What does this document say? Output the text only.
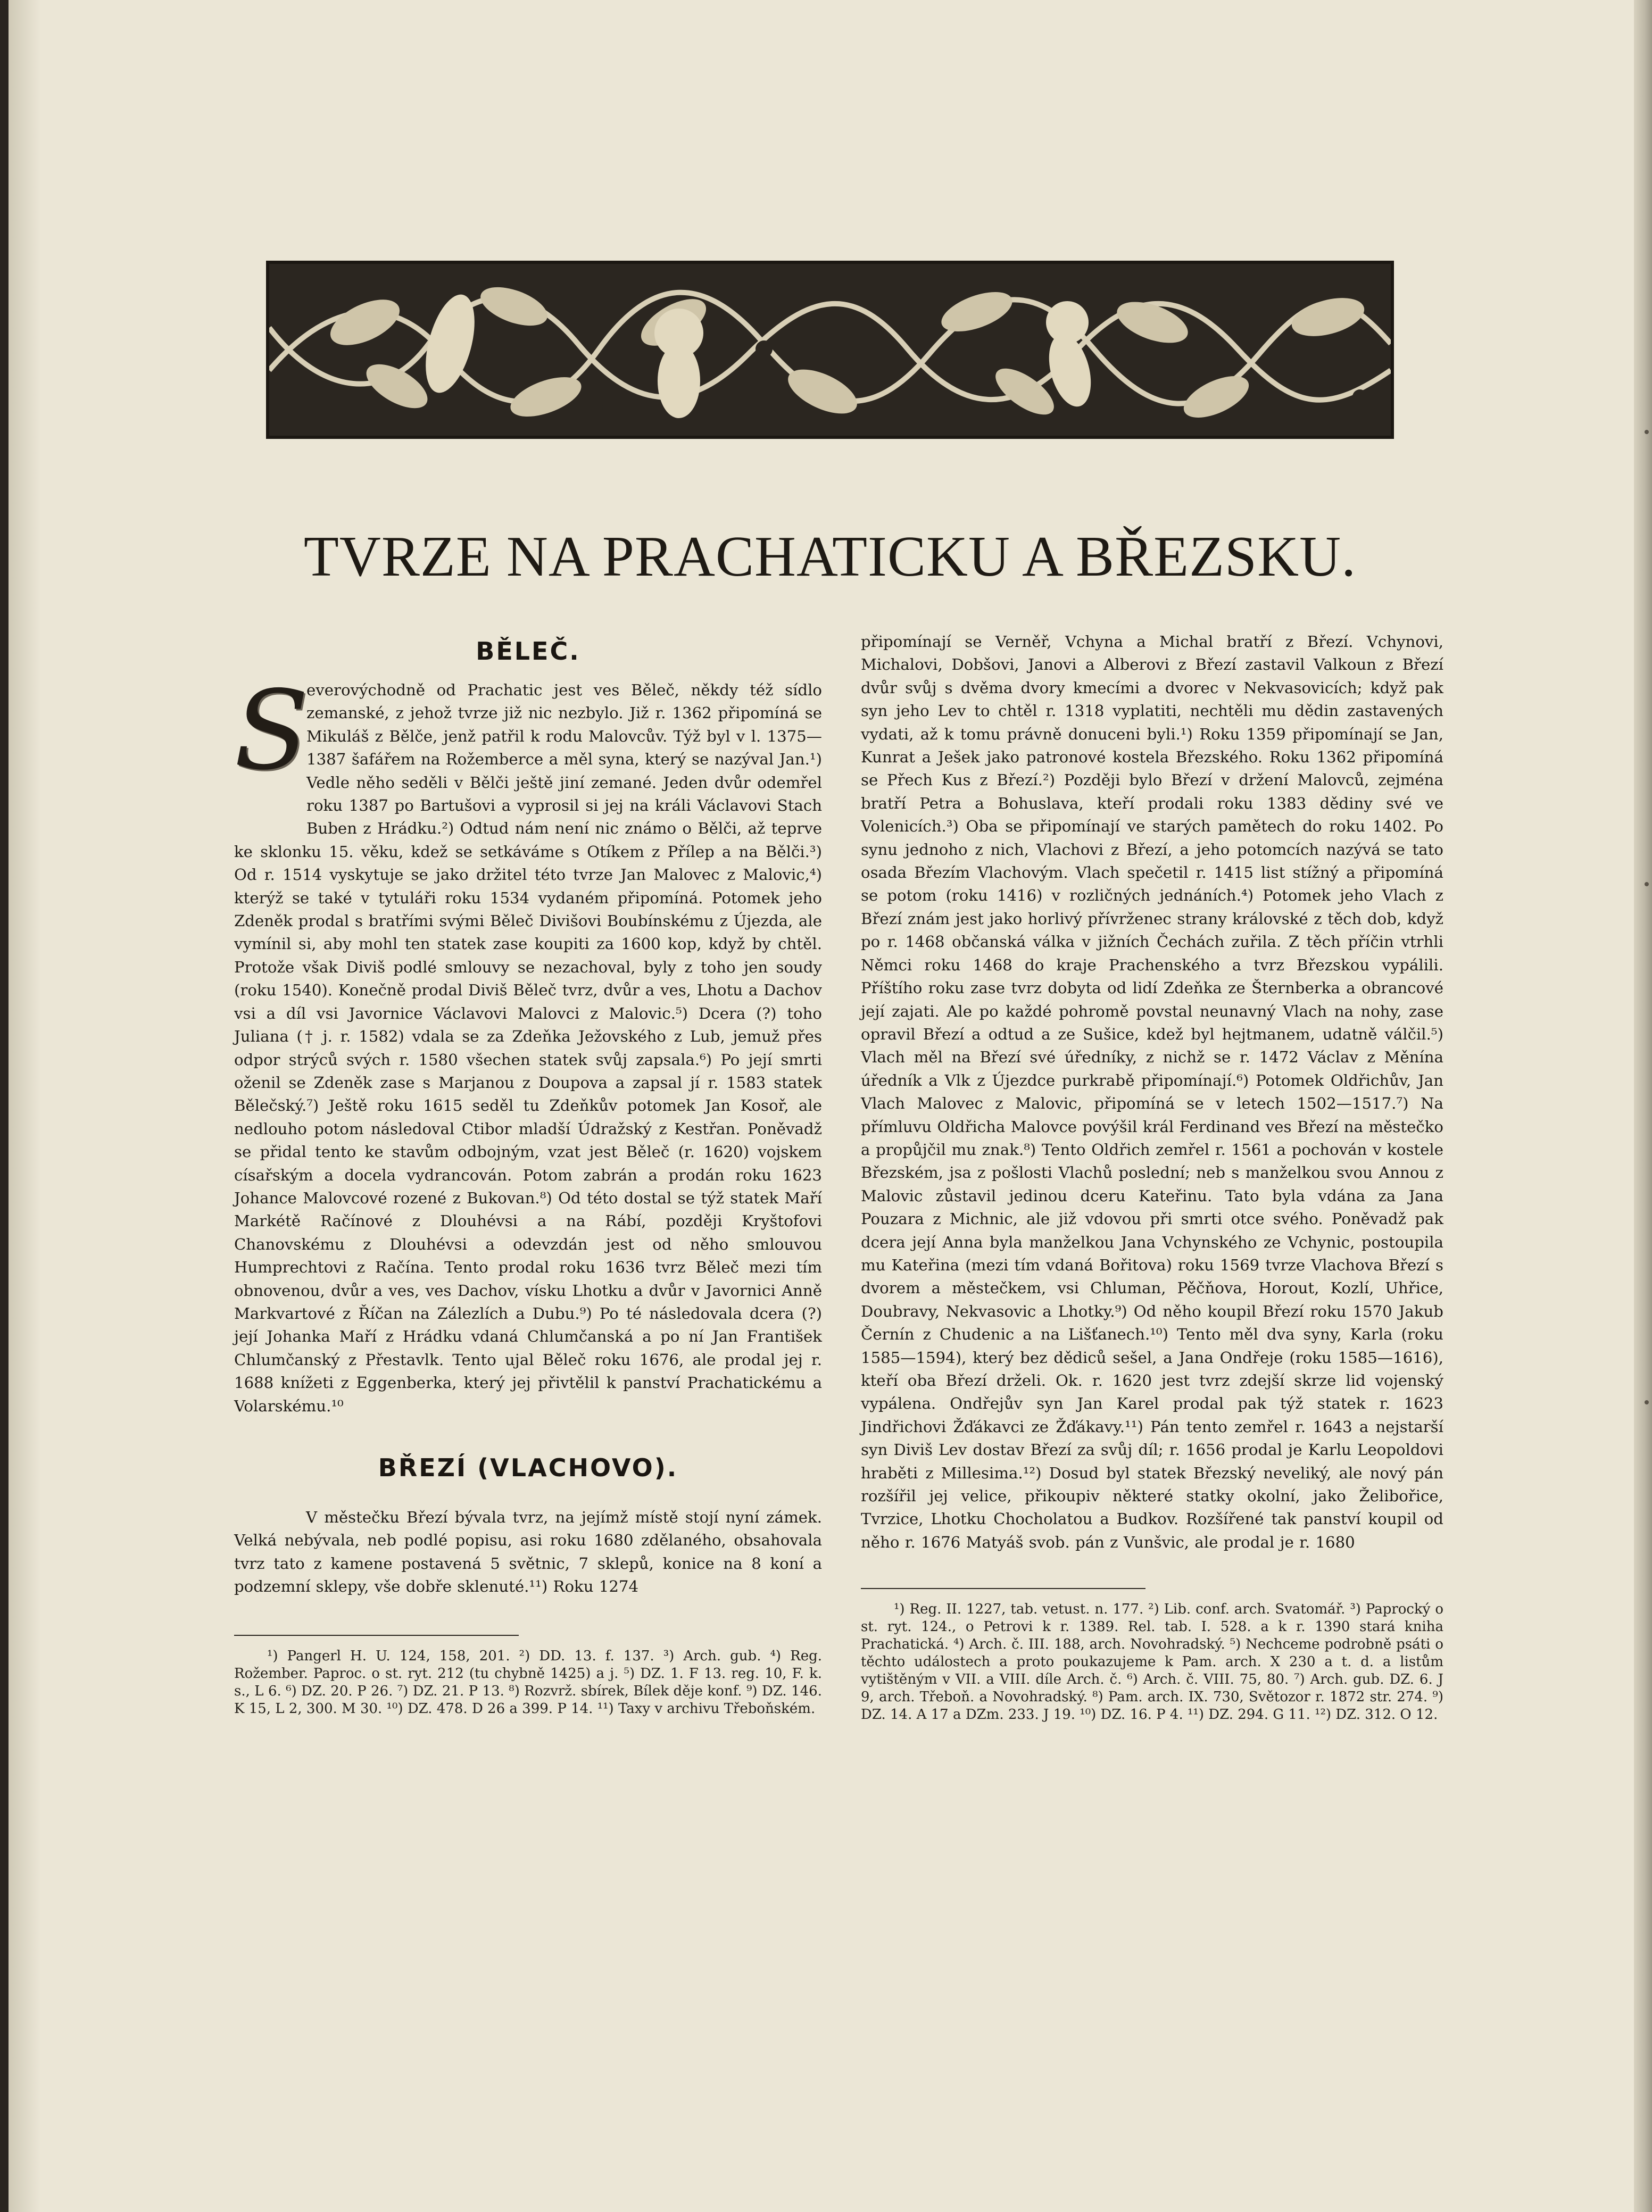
TVRZE NA PRACHATICKU A BŘEZSKU.
BĚLEČ.
S
everovýchodně od Prachatic jest ves Běleč, někdy též sídlo zemanské, z jehož tvrze již nic nezbylo. Již r. 1362 připomíná se Mikuláš z Bělče, jenž patřil k rodu Malovcův. Týž byl v l. 1375—1387 šafářem na Rožemberce a měl syna, který se nazýval Jan.¹) Vedle něho seděli v Bělči ještě jiní zemané. Jeden dvůr odemřel roku 1387 po Bartušovi a vyprosil si jej na králi Václavovi Stach Buben z Hrádku.²) Odtud nám není nic známo o Bělči, až teprve ke sklonku 15. věku, kdež se setkáváme s Otíkem z Přílep a na Bělči.³) Od r. 1514 vyskytuje se jako držitel této tvrze Jan Malovec z Malovic,⁴) kterýž se také v tytuláři roku 1534 vydaném připomíná. Potomek jeho Zdeněk prodal s bratřími svými Běleč Divišovi Boubínskému z Újezda, ale vymínil si, aby mohl ten statek zase koupiti za 1600 kop, když by chtěl. Protože však Diviš podlé smlouvy se nezachoval, byly z toho jen soudy (roku 1540). Konečně prodal Diviš Běleč tvrz, dvůr a ves, Lhotu a Dachov vsi a díl vsi Javornice Václavovi Malovci z Malovic.⁵) Dcera (?) toho Juliana († j. r. 1582) vdala se za Zdeňka Ježovského z Lub, jemuž přes odpor strýců svých r. 1580 všechen statek svůj zapsala.⁶) Po její smrti oženil se Zdeněk zase s Marjanou z Doupova a zapsal jí r. 1583 statek Bělečský.⁷) Ještě roku 1615 seděl tu Zdeňkův potomek Jan Kosoř, ale nedlouho potom následoval Ctibor mladší Údražský z Kestřan. Poněvadž se přidal tento ke stavům odbojným, vzat jest Běleč (r. 1620) vojskem císařským a docela vydrancován. Potom zabrán a prodán roku 1623 Johance Malovcové rozené z Bukovan.⁸) Od této dostal se týž statek Maří Markétě Račínové z Dlouhévsi a na Rábí, později Kryštofovi Chanovskému z Dlouhévsi a odevzdán jest od něho smlouvou Humprechtovi z Račína. Tento prodal roku 1636 tvrz Běleč mezi tím obnovenou, dvůr a ves, ves Dachov, vísku Lhotku a dvůr v Javornici Anně Markvartové z Říčan na Zálezlích a Dubu.⁹) Po té následovala dcera (?) její Johanka Maří z Hrádku vdaná Chlumčanská a po ní Jan František Chlumčanský z Přestavlk. Tento ujal Běleč roku 1676, ale prodal jej r. 1688 knížeti z Eggenberka, který jej přivtělil k panství Prachatickému a Volarskému.¹⁰
BŘEZÍ (VLACHOVO).

V městečku Březí bývala tvrz, na jejímž místě stojí nyní zámek. Velká nebývala, neb podlé popisu, asi roku 1680 zdělaného, obsahovala tvrz tato z kamene postavená 5 světnic, 7 sklepů, konice na 8 koní a podzemní sklepy, vše dobře sklenuté.¹¹) Roku 1274

¹) Pangerl H. U. 124, 158, 201. ²) DD. 13. f. 137. ³) Arch. gub. ⁴) Reg. Rožember. Paproc. o st. ryt. 212 (tu chybně 1425) a j. ⁵) DZ. 1. F 13. reg. 10, F. k. s., L 6. ⁶) DZ. 20. P 26. ⁷) DZ. 21. P 13. ⁸) Rozvrž. sbírek, Bílek děje konf. ⁹) DZ. 146. K 15, L 2, 300. M 30. ¹⁰) DZ. 478. D 26 a 399. P 14. ¹¹) Taxy v archivu Třeboňském.

připomínají se Verněř, Vchyna a Michal bratří z Březí. Vchynovi, Michalovi, Dobšovi, Janovi a Alberovi z Březí zastavil Valkoun z Březí dvůr svůj s dvěma dvory kmecími a dvorec v Nekvasovicích; když pak syn jeho Lev to chtěl r. 1318 vyplatiti, nechtěli mu dědin zastavených vydati, až k tomu právně donuceni byli.¹) Roku 1359 připomínají se Jan, Kunrat a Ješek jako patronové kostela Březského. Roku 1362 připomíná se Přech Kus z Březí.²) Později bylo Březí v držení Malovců, zejména bratří Petra a Bohuslava, kteří prodali roku 1383 dědiny své ve Volenicích.³) Oba se připomínají ve starých pamětech do roku 1402. Po synu jednoho z nich, Vlachovi z Březí, a jeho potomcích nazývá se tato osada Březím Vlachovým. Vlach spečetil r. 1415 list stížný a připomíná se potom (roku 1416) v rozličných jednáních.⁴) Potomek jeho Vlach z Březí znám jest jako horlivý přívrženec strany královské z těch dob, když po r. 1468 občanská válka v jižních Čechách zuřila. Z těch příčin vtrhli Němci roku 1468 do kraje Prachenského a tvrz Březskou vypálili. Příštího roku zase tvrz dobyta od lidí Zdeňka ze Šternberka a obrancové její zajati. Ale po každé pohromě povstal neunavný Vlach na nohy, zase opravil Březí a odtud a ze Sušice, kdež byl hejtmanem, udatně válčil.⁵) Vlach měl na Březí své úředníky, z nichž se r. 1472 Václav z Měnína úředník a Vlk z Újezdce purkrabě připomínají.⁶) Potomek Oldřichův, Jan Vlach Malovec z Malovic, připomíná se v letech 1502—1517.⁷) Na přímluvu Oldřicha Malovce povýšil král Ferdinand ves Březí na městečko a propůjčil mu znak.⁸) Tento Oldřich zemřel r. 1561 a pochován v kostele Březském, jsa z pošlosti Vlachů poslední; neb s manželkou svou Annou z Malovic zůstavil jedinou dceru Kateřinu. Tato byla vdána za Jana Pouzara z Michnic, ale již vdovou při smrti otce svého. Poněvadž pak dcera její Anna byla manželkou Jana Vchynského ze Vchynic, postoupila mu Kateřina (mezi tím vdaná Bořitova) roku 1569 tvrze Vlachova Březí s dvorem a městečkem, vsi Chluman, Pěčňova, Horout, Kozlí, Uhřice, Doubravy, Nekvasovic a Lhotky.⁹) Od něho koupil Březí roku 1570 Jakub Černín z Chudenic a na Lišťanech.¹⁰) Tento měl dva syny, Karla (roku 1585—1594), který bez dědiců sešel, a Jana Ondřeje (roku 1585—1616), kteří oba Březí drželi. Ok. r. 1620 jest tvrz zdejší skrze lid vojenský vypálena. Ondřejův syn Jan Karel prodal pak týž statek r. 1623 Jindřichovi Žďákavci ze Žďákavy.¹¹) Pán tento zemřel r. 1643 a nejstarší syn Diviš Lev dostav Březí za svůj díl; r. 1656 prodal je Karlu Leopoldovi hraběti z Millesima.¹²) Dosud byl statek Březský neveliký, ale nový pán rozšířil jej velice, přikoupiv některé statky okolní, jako Želibořice, Tvrzice, Lhotku Chocholatou a Budkov. Rozšířené tak panství koupil od něho r. 1676 Matyáš svob. pán z Vunšvic, ale prodal je r. 1680

¹) Reg. II. 1227, tab. vetust. n. 177. ²) Lib. conf. arch. Svatomář. ³) Paprocký o st. ryt. 124., o Petrovi k r. 1389. Rel. tab. I. 528. a k r. 1390 stará kniha Prachatická. ⁴) Arch. č. III. 188, arch. Novohradský. ⁵) Nechceme podrobně psáti o těchto událostech a proto poukazujeme k Pam. arch. X 230 a t. d. a listům vytištěným v VII. a VIII. díle Arch. č. ⁶) Arch. č. VIII. 75, 80. ⁷) Arch. gub. DZ. 6. J 9, arch. Třeboň. a Novohradský. ⁸) Pam. arch. IX. 730, Světozor r. 1872 str. 274. ⁹) DZ. 14. A 17 a DZm. 233. J 19. ¹⁰) DZ. 16. P 4. ¹¹) DZ. 294. G 11. ¹²) DZ. 312. O 12.
